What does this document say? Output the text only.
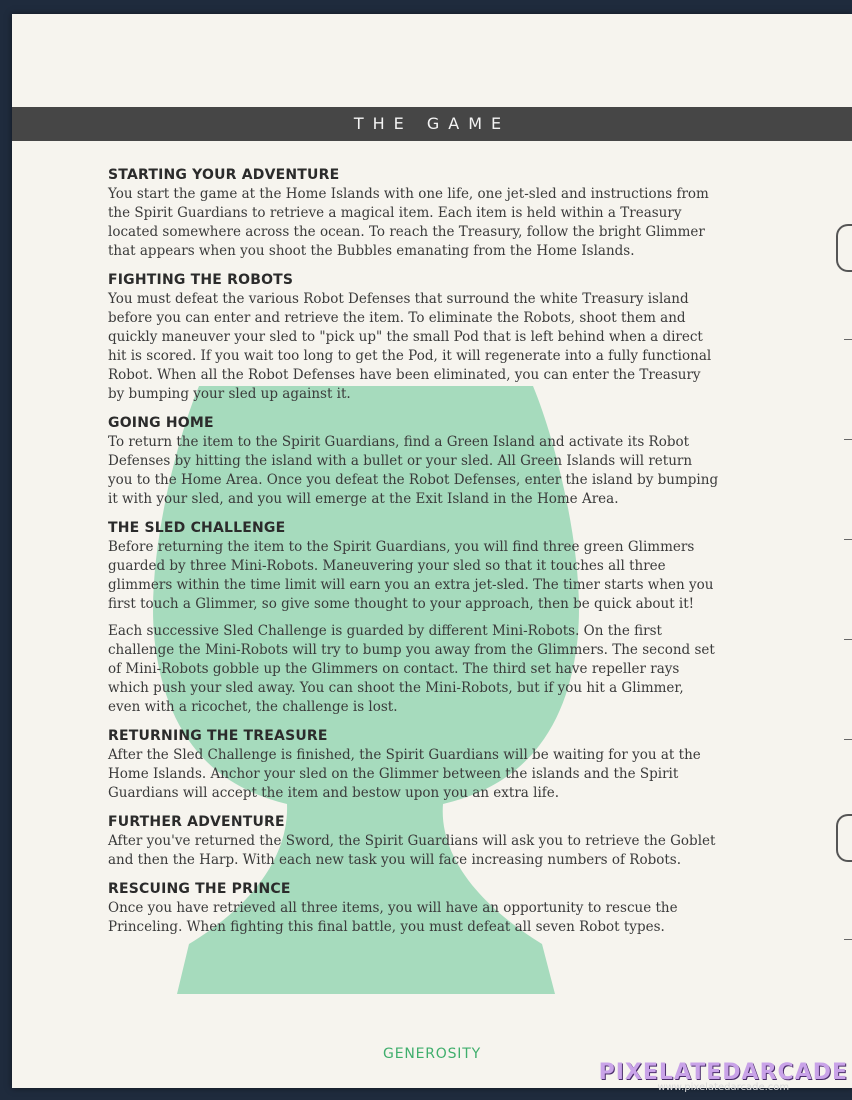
THE GAME
STARTING YOUR ADVENTURE

You start the game at the Home Islands with one life, one jet-sled and instructions from the Spirit Guardians to retrieve a magical item. Each item is held within a Treasury located somewhere across the ocean. To reach the Treasury, follow the bright Glimmer that appears when you shoot the Bubbles emanating from the Home Islands.

FIGHTING THE ROBOTS

You must defeat the various Robot Defenses that surround the white Treasury island before you can enter and retrieve the item. To eliminate the Robots, shoot them and quickly maneuver your sled to "pick up" the small Pod that is left behind when a direct hit is scored. If you wait too long to get the Pod, it will regenerate into a fully functional Robot. When all the Robot Defenses have been eliminated, you can enter the Treasury by bumping your sled up against it.

GOING HOME

To return the item to the Spirit Guardians, find a Green Island and activate its Robot Defenses by hitting the island with a bullet or your sled. All Green Islands will return you to the Home Area. Once you defeat the Robot Defenses, enter the island by bumping it with your sled, and you will emerge at the Exit Island in the Home Area.

THE SLED CHALLENGE

Before returning the item to the Spirit Guardians, you will find three green Glimmers guarded by three Mini-Robots. Maneuvering your sled so that it touches all three glimmers within the time limit will earn you an extra jet-sled. The timer starts when you first touch a Glimmer, so give some thought to your approach, then be quick about it!

Each successive Sled Challenge is guarded by different Mini-Robots. On the first challenge the Mini-Robots will try to bump you away from the Glimmers. The second set of Mini-Robots gobble up the Glimmers on contact. The third set have repeller rays which push your sled away. You can shoot the Mini-Robots, but if you hit a Glimmer, even with a ricochet, the challenge is lost.

RETURNING THE TREASURE

After the Sled Challenge is finished, the Spirit Guardians will be waiting for you at the Home Islands. Anchor your sled on the Glimmer between the islands and the Spirit Guardians will accept the item and bestow upon you an extra life.

FURTHER ADVENTURE

After you've returned the Sword, the Spirit Guardians will ask you to retrieve the Goblet and then the Harp. With each new task you will face increasing numbers of Robots.

RESCUING THE PRINCE

Once you have retrieved all three items, you will have an opportunity to rescue the Princeling. When fighting this final battle, you must defeat all seven Robot types.

GENEROSITY
PIXELATEDARCADE
www.pixelatedarcade.com
